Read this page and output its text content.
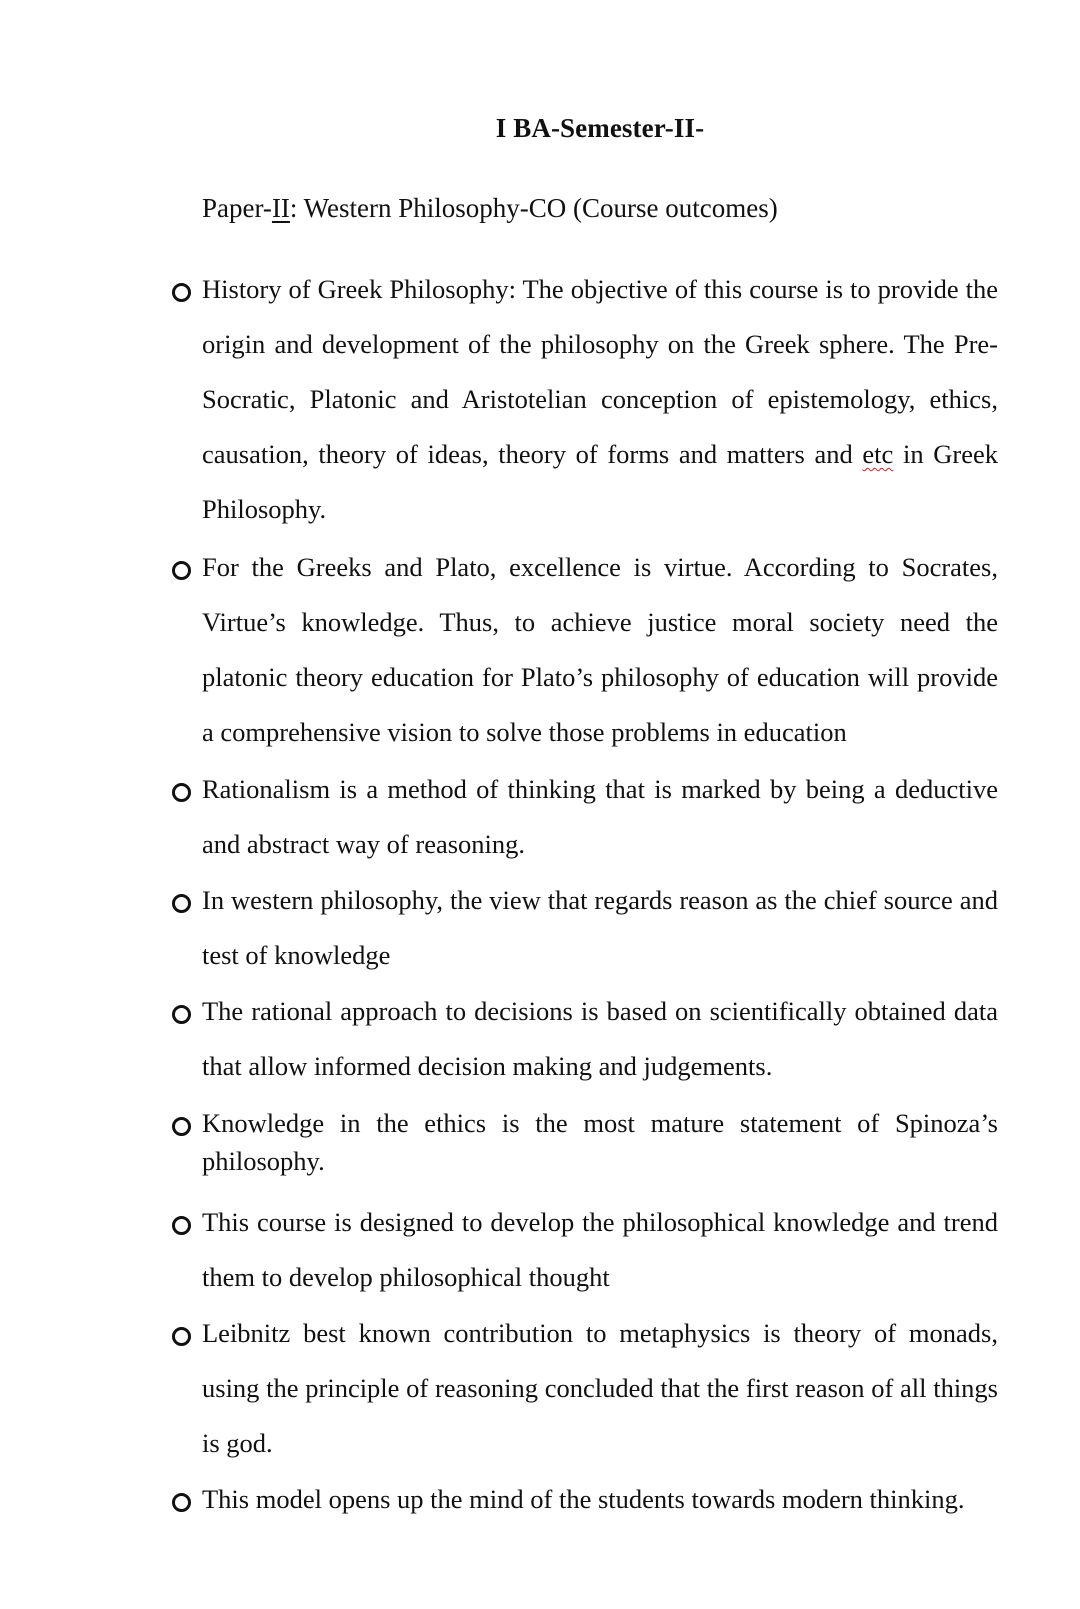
I BA-Semester-II-
Paper-II: Western Philosophy-CO (Course outcomes)
History of Greek Philosophy: The objective of this course is to provide the origin and development of the philosophy on the Greek sphere. The Pre-Socratic, Platonic and Aristotelian conception of epistemology, ethics, causation, theory of ideas, theory of forms and matters and etc in Greek Philosophy.
For the Greeks and Plato, excellence is virtue. According to Socrates, Virtue’s knowledge. Thus, to achieve justice moral society need the platonic theory education for Plato’s philosophy of education will provide a comprehensive vision to solve those problems in education
Rationalism is a method of thinking that is marked by being a deductive and abstract way of reasoning.
In western philosophy, the view that regards reason as the chief source and test of knowledge
The rational approach to decisions is based on scientifically obtained data that allow informed decision making and judgements.
Knowledge in the ethics is the most mature statement of Spinoza’s philosophy.
This course is designed to develop the philosophical knowledge and trend them to develop philosophical thought
Leibnitz best known contribution to metaphysics is theory of monads, using the principle of reasoning concluded that the first reason of all things is god.
This model opens up the mind of the students towards modern thinking.
